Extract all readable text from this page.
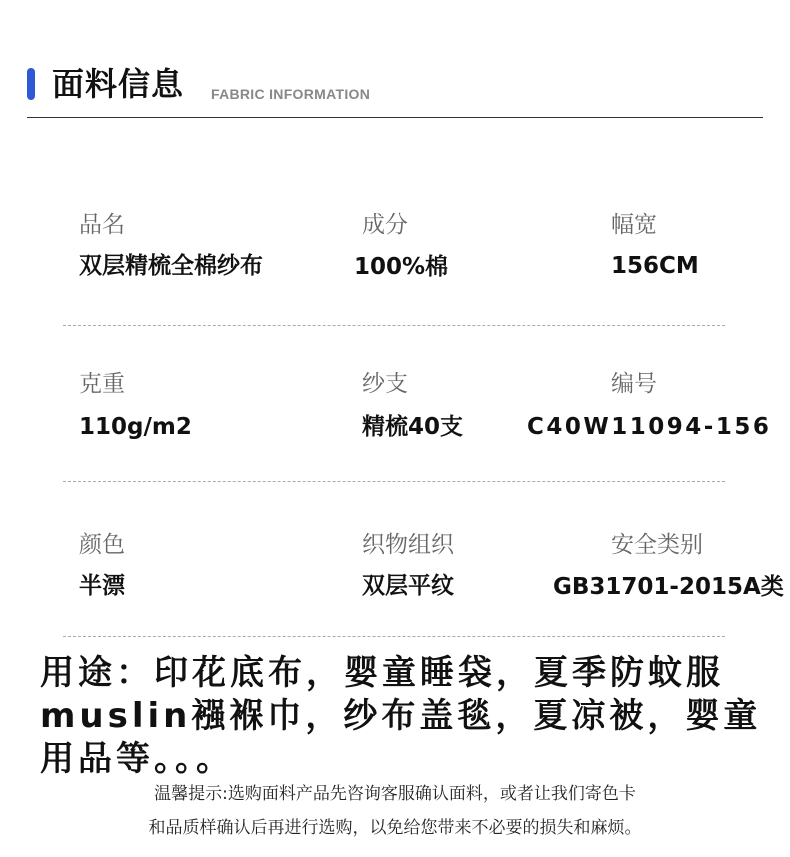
面料信息 FABRIC INFORMATION
品名
双层精梳全棉纱布
成分
100%棉
幅宽
156CM
克重
110g/m2
纱支
精梳40支
编号
C40W11094-156
颜色
半漂
织物组织
双层平纹
安全类别
GB31701-2015A类
用途：印花底布，婴童睡袋，夏季防蚊服muslin襁褓巾，纱布盖毯，夏凉被，婴童用品等。。。
温馨提示:选购面料产品先咨询客服确认面料，或者让我们寄色卡
和品质样确认后再进行选购，以免给您带来不必要的损失和麻烦。
